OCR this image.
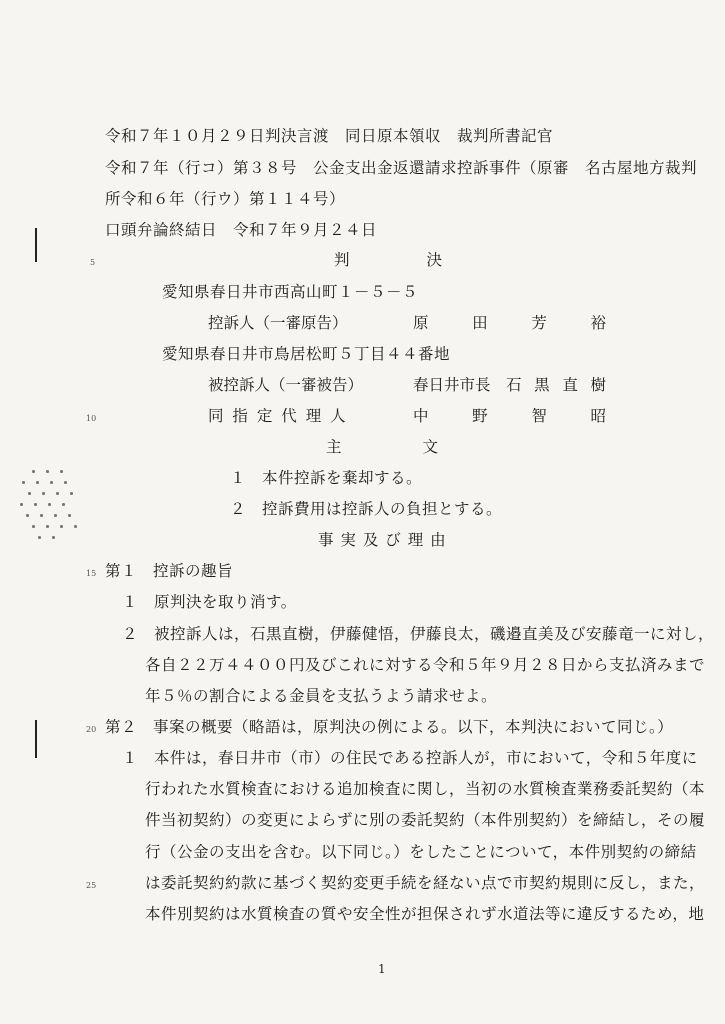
5
10
15
20
25
令和７年１０月２９日判決言渡　同日原本領収　裁判所書記官
令和７年（行コ）第３８号　公金支出金返還請求控訴事件（原審　名古屋地方裁判
所令和６年（行ウ）第１１４号）
口頭弁論終結日　令和７年９月２４日
判	決
愛知県春日井市西高山町１－５－５
控訴人（一審原告）	原	田	芳	裕
愛知県春日井市鳥居松町５丁目４４番地
被控訴人（一審被告）	春日井市長 石 黒 直 樹
同 指 定 代 理 人	中	野	智	昭
主	文
１　本件控訴を棄却する。
２　控訴費用は控訴人の負担とする。
事 実 及 び 理 由
第１　控訴の趣旨
１　原判決を取り消す。
２　被控訴人は，石黒直樹，伊藤健悟，伊藤良太，磯邉直美及び安藤竜一に対し，
各自２２万４４００円及びこれに対する令和５年９月２８日から支払済みまで
年５％の割合による金員を支払うよう請求せよ。
第２　事案の概要（略語は，原判決の例による。以下，本判決において同じ。）
１　本件は，春日井市（市）の住民である控訴人が，市において，令和５年度に
行われた水質検査における追加検査に関し，当初の水質検査業務委託契約（本
件当初契約）の変更によらずに別の委託契約（本件別契約）を締結し，その履
行（公金の支出を含む。以下同じ。）をしたことについて，本件別契約の締結
は委託契約約款に基づく契約変更手続を経ない点で市契約規則に反し，また，
本件別契約は水質検査の質や安全性が担保されず水道法等に違反するため，地
1
